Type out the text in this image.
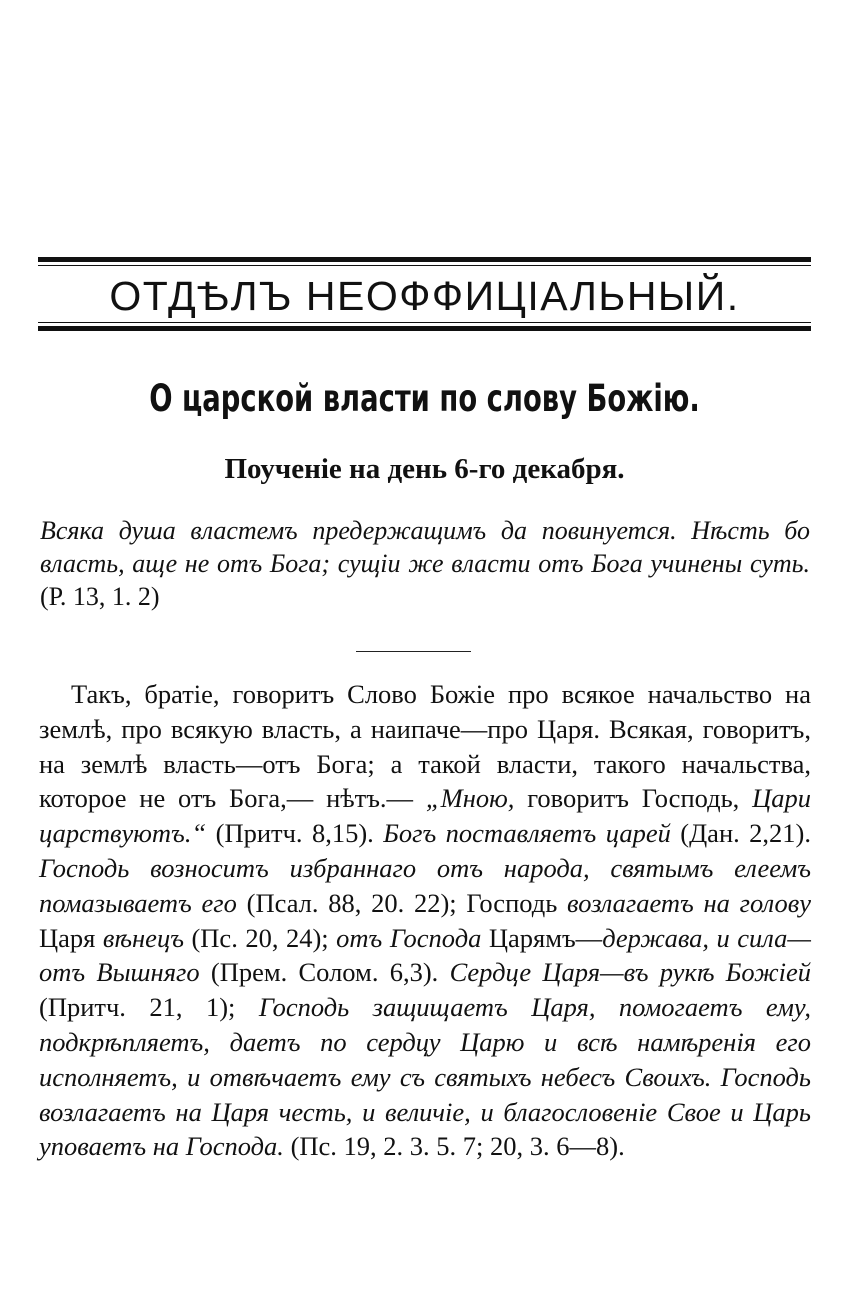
ОТДѢЛЪ НЕОФФИЦІАЛЬНЫЙ.
О царской власти по слову Божію.
Поученіе на день 6-го декабря.
Всяка душа властемъ предержащимъ да повинуется. Нѣсть бо власть, аще не отъ Бога; сущіи же власти отъ Бога учинены суть. (Р. 13, 1. 2)

Такъ, братіе, говоритъ Слово Божіе про всякое начальство на землѣ, про всякую власть, а наипаче—про Царя. Всякая, говоритъ, на землѣ власть—отъ Бога; а такой власти, такого начальства, которое не отъ Бога,— нѣтъ.— „Мною, говоритъ Господь, Цари царствуютъ.“ (Притч. 8,15). Богъ поставляетъ царей (Дан. 2,21). Господь возноситъ избраннаго отъ народа, святымъ елеемъ помазываетъ его (Псал. 88, 20. 22); Господь возлагаетъ на голову Царя вѣнецъ (Пс. 20, 24); отъ Господа Царямъ—держава, и сила—отъ Вышняго (Прем. Солом. 6,3). Сердце Царя—въ рукѣ Божіей (Притч. 21, 1); Господь защищаетъ Царя, помогаетъ ему, подкрѣпляетъ, даетъ по сердцу Царю и всѣ намѣренія его исполняетъ, и отвѣчаетъ ему съ святыхъ небесъ Своихъ. Господь возлагаетъ на Царя честь, и величіе, и благословеніе Свое и Царь уповаетъ на Господа. (Пс. 19, 2. 3. 5. 7; 20, 3. 6—8).
